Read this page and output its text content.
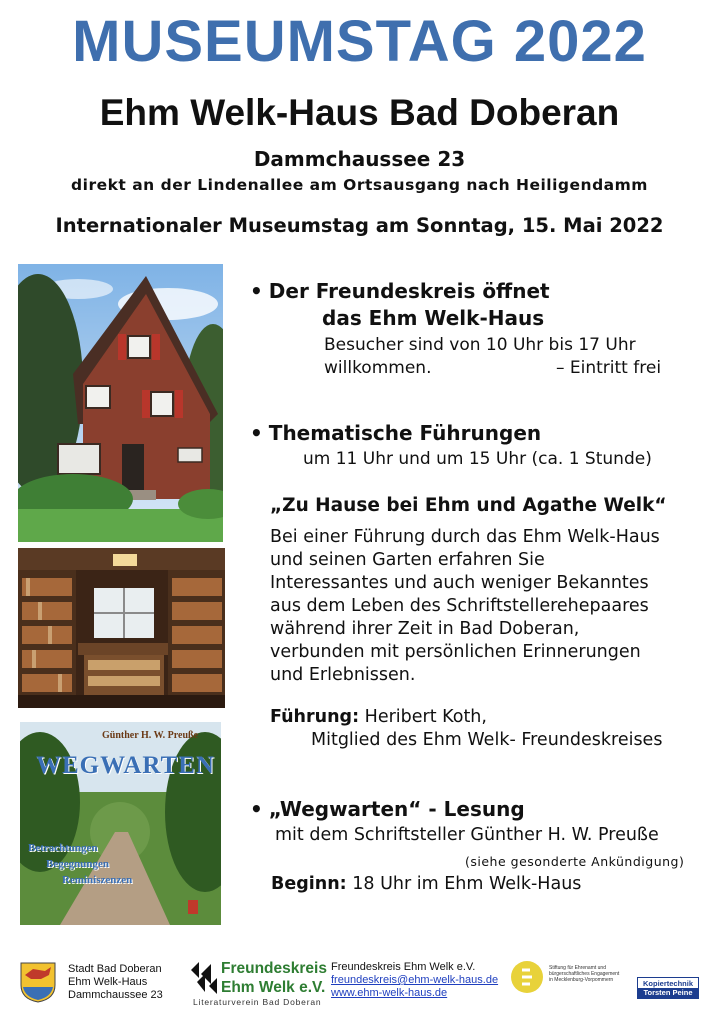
MUSEUMSTAG 2022
Ehm Welk-Haus Bad Doberan
Dammchaussee 23
direkt an der Lindenallee am Ortsausgang nach Heiligendamm
Internationaler Museumstag am Sonntag, 15. Mai 2022
Günther H. W. Preuße
WEGWARTEN
Betrachtungen
Begegnungen
Reminiszenzen
• Der Freundeskreis öffnet
das Ehm Welk-Haus
Besucher sind von 10 Uhr bis 17 Uhr
willkommen.	– Eintritt frei
• Thematische Führungen
um 11 Uhr und um 15 Uhr (ca. 1 Stunde)
„Zu Hause bei Ehm und Agathe Welk“
Bei einer Führung durch das Ehm Welk-Haus
und seinen Garten erfahren Sie
Interessantes und auch weniger Bekanntes
aus dem Leben des Schriftstellerehepaares
während ihrer Zeit in Bad Doberan,
verbunden mit persönlichen Erinnerungen
und Erlebnissen.
Führung: Heribert Koth,
Mitglied des Ehm Welk- Freundeskreises
• „Wegwarten“ - Lesung
mit dem Schriftsteller Günther H. W. Preuße
(siehe gesonderte Ankündigung)
Beginn: 18 Uhr im Ehm Welk-Haus
Stadt Bad Doberan
Ehm Welk-Haus
Dammchaussee 23
Freundeskreis
Ehm Welk e.V.
Literaturverein Bad Doberan
Freundeskreis Ehm Welk e.V.
freundeskreis@ehm-welk-haus.de
www.ehm-welk-haus.de
Stiftung für Ehrenamt und
bürgerschaftliches Engagement
in Mecklenburg-Vorpommern	Kopiertechnik
Torsten Peine
